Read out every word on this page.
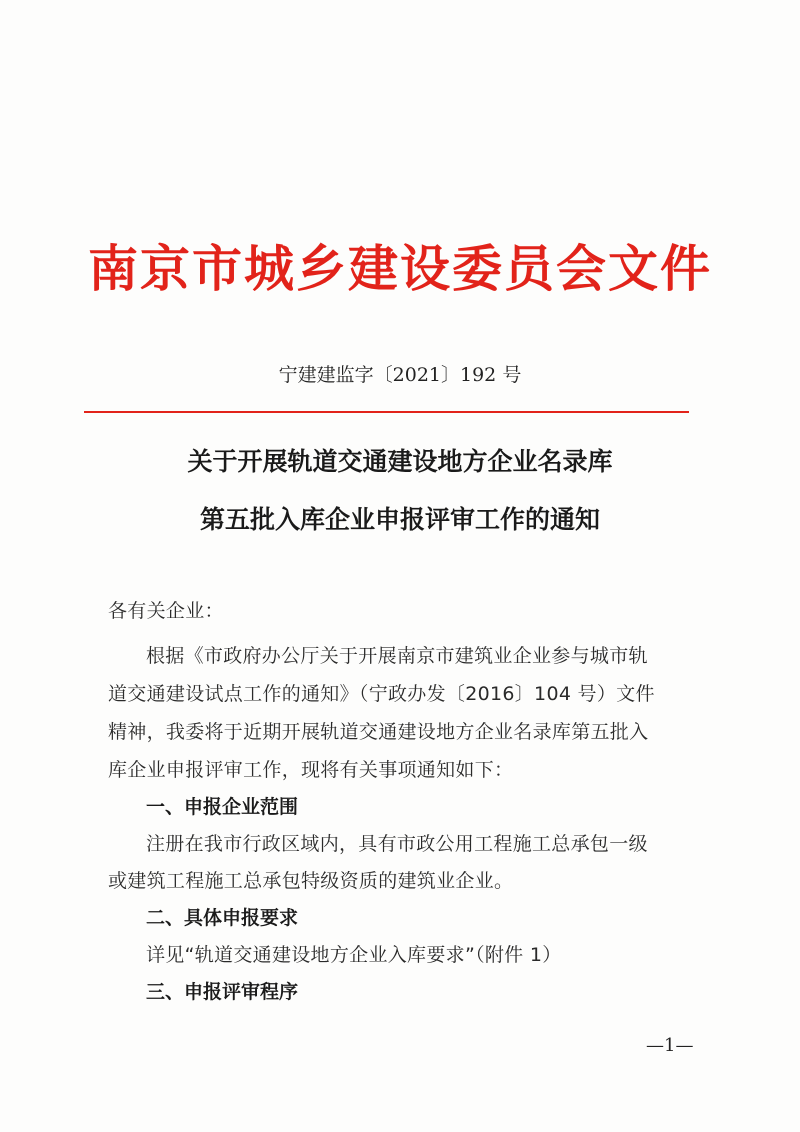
南京市城乡建设委员会文件
宁建建监字〔2021〕192 号
关于开展轨道交通建设地方企业名录库
第五批入库企业申报评审工作的通知
各有关企业：
根据《市政府办公厅关于开展南京市建筑业企业参与城市轨
道交通建设试点工作的通知》（宁政办发〔2016〕104 号）文件
精神，我委将于近期开展轨道交通建设地方企业名录库第五批入
库企业申报评审工作，现将有关事项通知如下：
一、申报企业范围
注册在我市行政区域内，具有市政公用工程施工总承包一级
或建筑工程施工总承包特级资质的建筑业企业。
二、具体申报要求
详见“轨道交通建设地方企业入库要求”（附件 1）
三、申报评审程序
—1—
